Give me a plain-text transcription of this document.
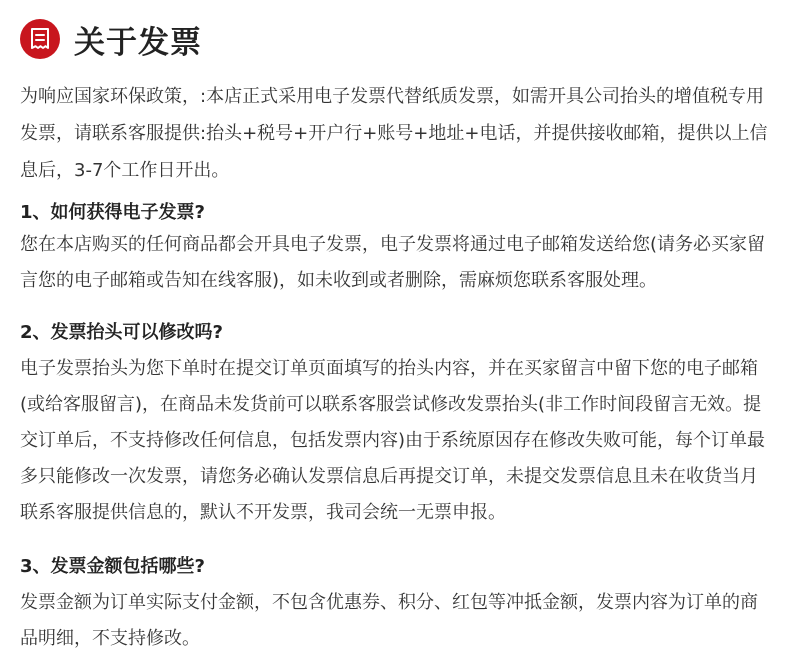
关于发票

为响应国家环保政策，:本店正式采用电子发票代替纸质发票，如需开具公司抬头的增值税专用发票，请联系客服提供:抬头+税号+开户行+账号+地址+电话，并提供接收邮箱，提供以上信息后，3-7个工作日开出。

1、如何获得电子发票?

您在本店购买的任何商品都会开具电子发票，电子发票将通过电子邮箱发送给您(请务必买家留言您的电子邮箱或告知在线客服)，如未收到或者删除，需麻烦您联系客服处理。

2、发票抬头可以修改吗?

电子发票抬头为您下单时在提交订单页面填写的抬头内容，并在买家留言中留下您的电子邮箱(或给客服留言)，在商品未发货前可以联系客服尝试修改发票抬头(非工作时间段留言无效。提交订单后，不支持修改任何信息，包括发票内容)由于系统原因存在修改失败可能，每个订单最多只能修改一次发票，请您务必确认发票信息后再提交订单，未提交发票信息且未在收货当月联系客服提供信息的，默认不开发票，我司会统一无票申报。

3、发票金额包括哪些?

发票金额为订单实际支付金额，不包含优惠券、积分、红包等冲抵金额，发票内容为订单的商品明细，不支持修改。
